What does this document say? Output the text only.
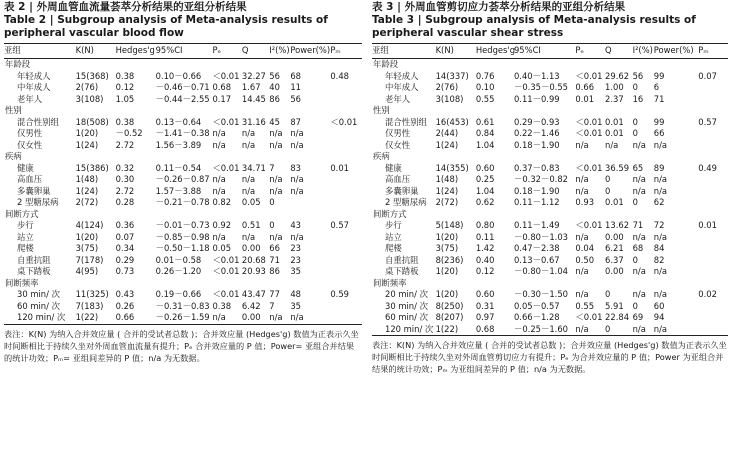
表 2 | 外周血管血流量荟萃分析结果的亚组分析结果
Table 2 | Subgroup analysis of Meta-analysis results of peripheral vascular blood flow
亚组	K(N)	Hedges'g	95%CI	Pₑ	Q	I²(%)	Power(%)	Pₘ
年龄段								
年轻成人	15(368)	0.38	0.10－0.66	＜0.01	32.27	56	68	0.48
中年成人	2(76)	0.12	－0.46－0.71	0.68	1.67	40	11	
老年人	3(108)	1.05	－0.44－2.55	0.17	14.45	86	56	
性别								
混合性别组	18(508)	0.38	0.13－0.64	＜0.01	31.16	45	87	＜0.01
仅男性	1(20)	－0.52	－1.41－0.38	n/a	n/a	n/a	n/a	
仅女性	1(24)	2.72	1.56－3.89	n/a	n/a	n/a	n/a	
疾病								
健康	15(386)	0.32	0.11－0.54	＜0.01	34.71	7	83	0.01
高血压	1(48)	0.30	－0.26－0.87	n/a	n/a	n/a	n/a	
多囊卵巢	1(24)	2.72	1.57－3.88	n/a	n/a	n/a	n/a	
2 型糖尿病	2(72)	0.28	－0.21－0.78	0.82	0.05	0		
间断方式								
步行	4(124)	0.36	－0.01－0.73	0.92	0.51	0	43	0.57
站立	1(20)	0.07	－0.85－0.98	n/a	n/a	n/a	n/a	
爬楼	3(75)	0.34	－0.50－1.18	0.05	0.00	66	23	
自重抗阻	7(178)	0.29	0.01－0.58	＜0.01	20.68	71	23	
桌下踏板	4(95)	0.73	0.26－1.20	＜0.01	20.93	86	35	
间断频率								
30 min/ 次	11(325)	0.43	0.19－0.66	＜0.01	43.47	77	48	0.59
60 min/ 次	7(183)	0.26	－0.31－0.83	0.38	6.42	7	35	
120 min/ 次	1(22)	0.66	－0.26－1.59	n/a	0.00	n/a	n/a	
表注：K(N) 为纳入合并效应量 ( 合并的受试者总数 )；合并效应量 (Hedges'g) 数值为正表示久坐时间断相比于持续久坐对外周血管血流量有提升；Pₑ 合并效应量的 P 值；Power= 亚组合并结果的统计功效；Pₘ= 亚组间差异的 P 值；n/a 为无数据。
表 3 | 外周血管剪切应力荟萃分析结果的亚组分析结果
Table 3 | Subgroup analysis of Meta-analysis results of peripheral vascular shear stress
亚组	K(N)	Hedges'g	95%CI	Pₑ	Q	I²(%)	Power(%)	Pₘ
年龄段								
年轻成人	14(337)	0.76	0.40－1.13	＜0.01	29.62	56	99	0.07
中年成人	2(76)	0.10	－0.35－0.55	0.66	1.00	0	6	
老年人	3(108)	0.55	0.11－0.99	0.01	2.37	16	71	
性别								
混合性别组	16(453)	0.61	0.29－0.93	＜0.01	0.01	0	99	0.57
仅男性	2(44)	0.84	0.22－1.46	＜0.01	0.01	0	66	
仅女性	1(24)	1.04	0.18－1.90	n/a	n/a	n/a	n/a	
疾病								
健康	14(355)	0.60	0.37－0.83	＜0.01	36.59	65	89	0.49
高血压	1(48)	0.25	－0.32－0.82	n/a	0	n/a	n/a	
多囊卵巢	1(24)	1.04	0.18－1.90	n/a	0	n/a	n/a	
2 型糖尿病	2(72)	0.62	0.11－1.12	0.93	0.01	0	62	
间断方式								
步行	5(148)	0.80	0.11－1.49	＜0.01	13.62	71	72	0.01
站立	1(20)	0.11	－0.80－1.03	n/a	0.00	n/a	n/a	
爬楼	3(75)	1.42	0.47－2.38	0.04	6.21	68	84	
自重抗阻	8(236)	0.40	0.13－0.67	0.50	6.37	0	82	
桌下踏板	1(20)	0.12	－0.80－1.04	n/a	0.00	n/a	n/a	
间断频率								
20 min/ 次	1(20)	0.60	－0.30－1.50	n/a	0	n/a	n/a	0.02
30 min/ 次	8(250)	0.31	0.05－0.57	0.55	5.91	0	60	
60 min/ 次	8(207)	0.97	0.66－1.28	＜0.01	22.84	69	94	
120 min/ 次	1(22)	0.68	－0.25－1.60	n/a	0	n/a	n/a	
表注：K(N) 为纳入合并效应量 ( 合并的受试者总数 )；合并效应量 (Hedges'g) 数值为正表示久坐时间断相比于持续久坐对外周血管剪切应力有提升；Pₑ 为合并效应量的 P 值；Power 为亚组合并结果的统计功效；Pₘ 为亚组间差异的 P 值；n/a 为无数据。
